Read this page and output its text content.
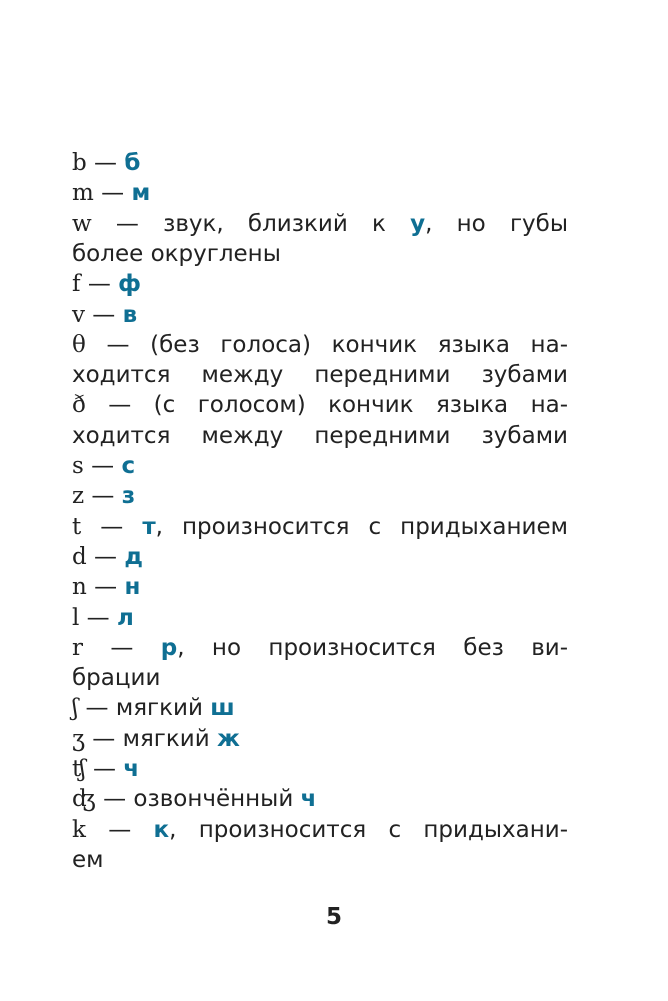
b — б
m — м
w — звук, близкий к у, но губы
более округлены
f — ф
v — в
θ — (без голоса) кончик языка на-
ходится между передними зубами
ð — (с голосом) кончик языка на-
ходится между передними зубами
s — с
z — з
t — т, произносится с придыханием
d — д
n — н
l — л
r — р, но произносится без ви-
брации
ʃ — мягкий ш
ʒ — мягкий ж
ʧ — ч
ʤ — озвончённый ч
k — к, произносится с придыхани-
ем
5
